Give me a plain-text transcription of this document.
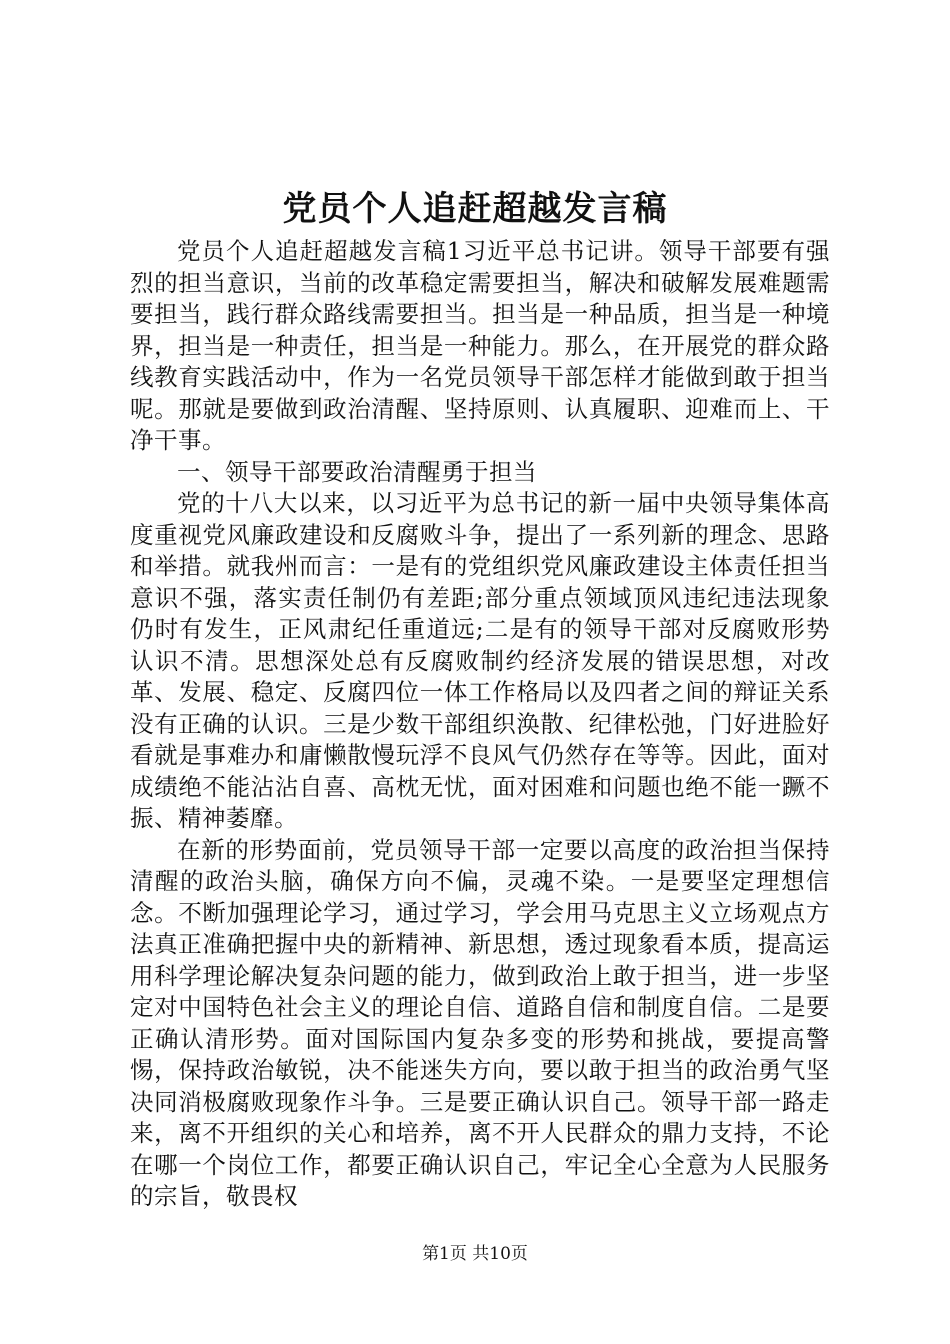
党员个人追赶超越发言稿

党员个人追赶超越发言稿1习近平总书记讲。领导干部要有强烈的担当意识，当前的改革稳定需要担当，解决和破解发展难题需要担当，践行群众路线需要担当。担当是一种品质，担当是一种境界，担当是一种责任，担当是一种能力。那么，在开展党的群众路线教育实践活动中，作为一名党员领导干部怎样才能做到敢于担当呢。那就是要做到政治清醒、坚持原则、认真履职、迎难而上、干净干事。

一、领导干部要政治清醒勇于担当

党的十八大以来，以习近平为总书记的新一届中央领导集体高度重视党风廉政建设和反腐败斗争，提出了一系列新的理念、思路和举措。就我州而言：一是有的党组织党风廉政建设主体责任担当意识不强，落实责任制仍有差距;部分重点领域顶风违纪违法现象仍时有发生，正风肃纪任重道远;二是有的领导干部对反腐败形势认识不清。思想深处总有反腐败制约经济发展的错误思想，对改革、发展、稳定、反腐四位一体工作格局以及四者之间的辩证关系没有正确的认识。三是少数干部组织涣散、纪律松弛，门好进脸好看就是事难办和庸懒散慢玩浮不良风气仍然存在等等。因此，面对成绩绝不能沾沾自喜、高枕无忧，面对困难和问题也绝不能一蹶不振、精神萎靡。

在新的形势面前，党员领导干部一定要以高度的政治担当保持清醒的政治头脑，确保方向不偏，灵魂不染。一是要坚定理想信念。不断加强理论学习，通过学习，学会用马克思主义立场观点方法真正准确把握中央的新精神、新思想，透过现象看本质，提高运用科学理论解决复杂问题的能力，做到政治上敢于担当，进一步坚定对中国特色社会主义的理论自信、道路自信和制度自信。二是要正确认清形势。面对国际国内复杂多变的形势和挑战，要提高警惕，保持政治敏锐，决不能迷失方向，要以敢于担当的政治勇气坚决同消极腐败现象作斗争。三是要正确认识自己。领导干部一路走来，离不开组织的关心和培养，离不开人民群众的鼎力支持，不论在哪一个岗位工作，都要正确认识自己，牢记全心全意为人民服务的宗旨，敬畏权

第1页 共10页
